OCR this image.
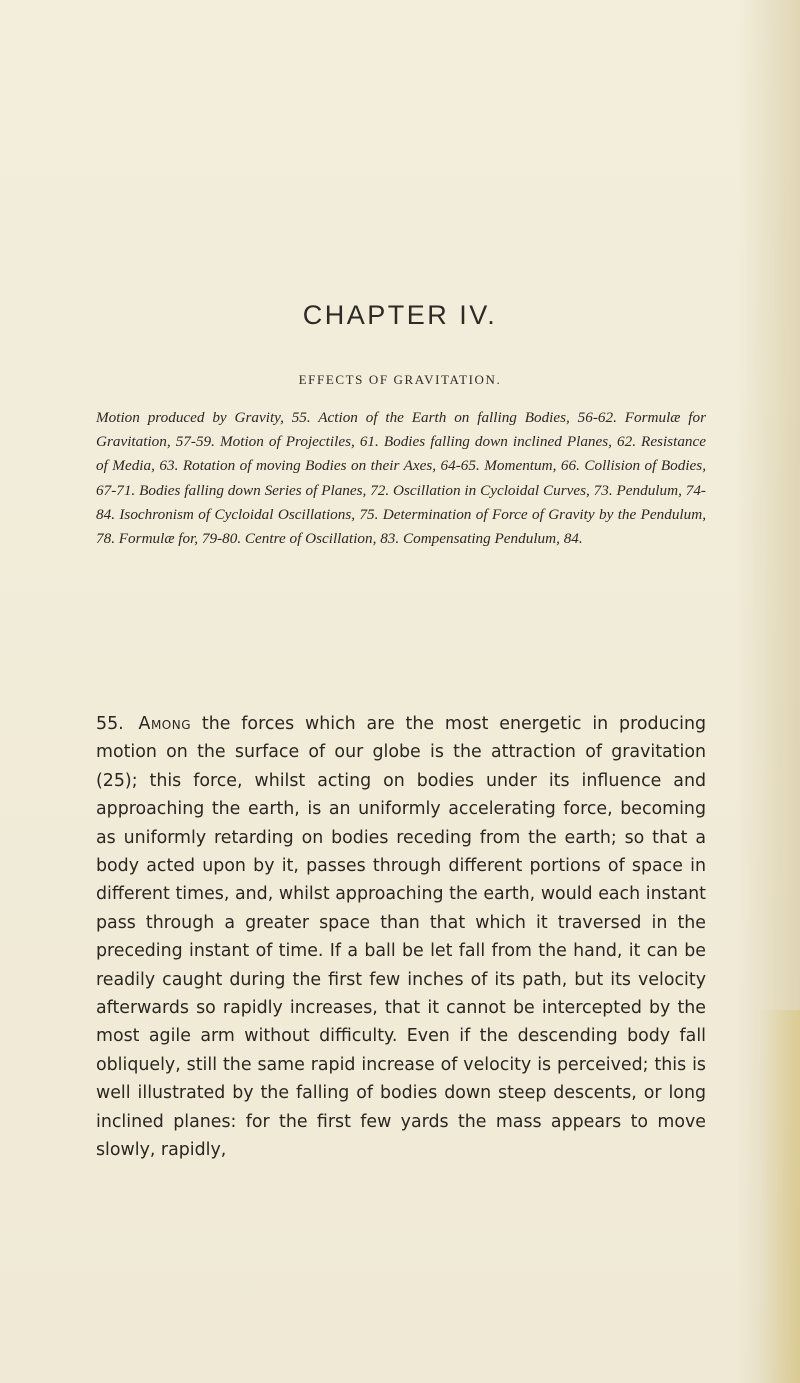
CHAPTER IV.
EFFECTS OF GRAVITATION.
Motion produced by Gravity, 55. Action of the Earth on falling Bodies, 56-62. Formulæ for Gravitation, 57-59. Motion of Projectiles, 61. Bodies falling down inclined Planes, 62. Resistance of Media, 63. Rotation of moving Bodies on their Axes, 64-65. Momentum, 66. Collision of Bodies, 67-71. Bodies falling down Series of Planes, 72. Oscillation in Cycloidal Curves, 73. Pendulum, 74-84. Isochronism of Cycloidal Oscillations, 75. Determination of Force of Gravity by the Pendulum, 78. Formulæ for, 79-80. Centre of Oscillation, 83. Compensating Pendulum, 84.
55. Among the forces which are the most energetic in producing motion on the surface of our globe is the attraction of gravitation (25); this force, whilst acting on bodies under its influence and approaching the earth, is an uniformly accelerating force, becoming as uniformly retarding on bodies receding from the earth; so that a body acted upon by it, passes through different portions of space in different times, and, whilst approaching the earth, would each instant pass through a greater space than that which it traversed in the preceding instant of time. If a ball be let fall from the hand, it can be readily caught during the first few inches of its path, but its velocity afterwards so rapidly increases, that it cannot be intercepted by the most agile arm without difficulty. Even if the descending body fall obliquely, still the same rapid increase of velocity is perceived; this is well illustrated by the falling of bodies down steep descents, or long inclined planes: for the first few yards the mass appears to move slowly, rapidly,
